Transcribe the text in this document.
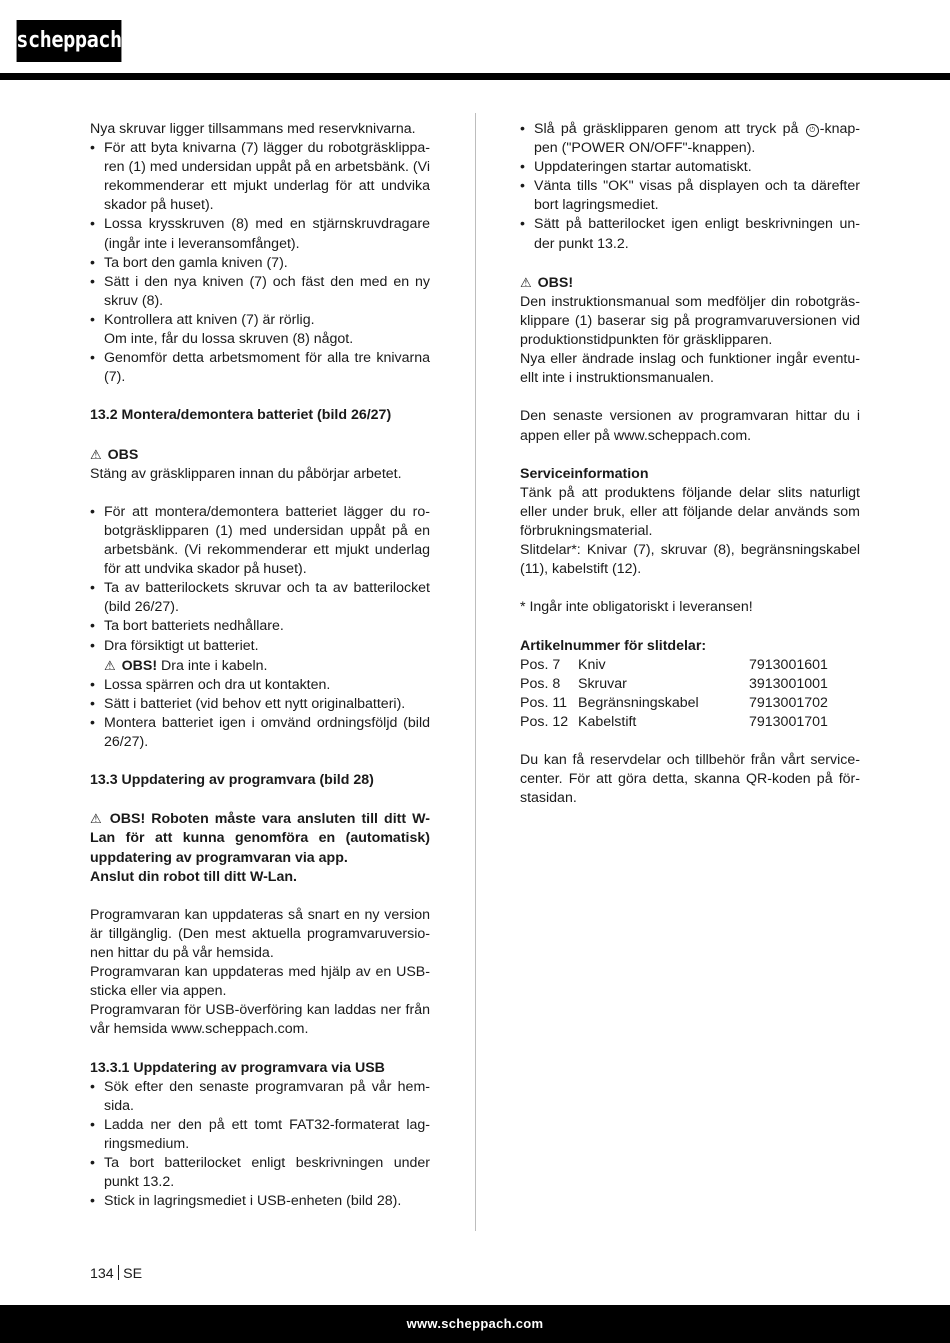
scheppach

Nya skruvar ligger tillsammans med reservknivarna.

• För att byta knivarna (7) lägger du robotgräsklippa-ren (1) med undersidan uppåt på en arbetsbänk. (Vi rekommenderar ett mjukt underlag för att undvika skador på huset).
• Lossa krysskruven (8) med en stjärnskruvdragare (ingår inte i leveransomfånget).
• Ta bort den gamla kniven (7).
• Sätt i den nya kniven (7) och fäst den med en ny skruv (8).
• Kontrollera att kniven (7) är rörlig.
Om inte, får du lossa skruven (8) något.
• Genomför detta arbetsmoment för alla tre knivarna (7).

13.2 Montera/demontera batteriet (bild 26/27)

⚠ OBS

Stäng av gräsklipparen innan du påbörjar arbetet.

• För att montera/demontera batteriet lägger du ro-botgräsklipparen (1) med undersidan uppåt på en arbetsbänk. (Vi rekommenderar ett mjukt underlag för att undvika skador på huset).
• Ta av batterilockets skruvar och ta av batterilocket (bild 26/27).
• Ta bort batteriets nedhållare.
• Dra försiktigt ut batteriet.
⚠ OBS! Dra inte i kabeln.
• Lossa spärren och dra ut kontakten.
• Sätt i batteriet (vid behov ett nytt originalbatteri).
• Montera batteriet igen i omvänd ordningsföljd (bild 26/27).

13.3 Uppdatering av programvara (bild 28)

⚠ OBS! Roboten måste vara ansluten till ditt W-Lan för att kunna genomföra en (automatisk) uppdatering av programvaran via app.

Anslut din robot till ditt W-Lan.

Programvaran kan uppdateras så snart en ny version är tillgänglig. (Den mest aktuella programvaruversio-nen hittar du på vår hemsida.

Programvaran kan uppdateras med hjälp av en USB-sticka eller via appen.

Programvaran för USB-överföring kan laddas ner från vår hemsida www.scheppach.com.

13.3.1 Uppdatering av programvara via USB

• Sök efter den senaste programvaran på vår hem-sida.
• Ladda ner den på ett tomt FAT32-formaterat lag-ringsmedium.
• Ta bort batterilocket enligt beskrivningen under punkt 13.2.
• Stick in lagringsmediet i USB-enheten (bild 28).
• Slå på gräsklipparen genom att tryck på ⏻ -knap-pen ("POWER ON/OFF"-knappen).
• Uppdateringen startar automatiskt.
• Vänta tills "OK" visas på displayen och ta därefter bort lagringsmediet.
• Sätt på batterilocket igen enligt beskrivningen un-der punkt 13.2.

⚠ OBS!

Den instruktionsmanual som medföljer din robotgräs-klippare (1) baserar sig på programvaruversionen vid produktionstidpunkten för gräsklipparen.

Nya eller ändrade inslag och funktioner ingår eventu-ellt inte i instruktionsmanualen.

Den senaste versionen av programvaran hittar du i appen eller på www.scheppach.com.

Serviceinformation

Tänk på att produktens följande delar slits naturligt eller under bruk, eller att följande delar används som förbrukningsmaterial.

Slitdelar*: Knivar (7), skruvar (8), begränsningskabel (11), kabelstift (12).

* Ingår inte obligatoriskt i leveransen!

Artikelnummer för slitdelar:

Pos. 7	Kniv	7913001601
Pos. 8	Skruvar	3913001001
Pos. 11	Begränsningskabel	7913001702
Pos. 12	Kabelstift	7913001701

Du kan få reservdelar och tillbehör från vårt service-center. För att göra detta, skanna QR-koden på för-stasidan.

134 SE
www.scheppach.com
